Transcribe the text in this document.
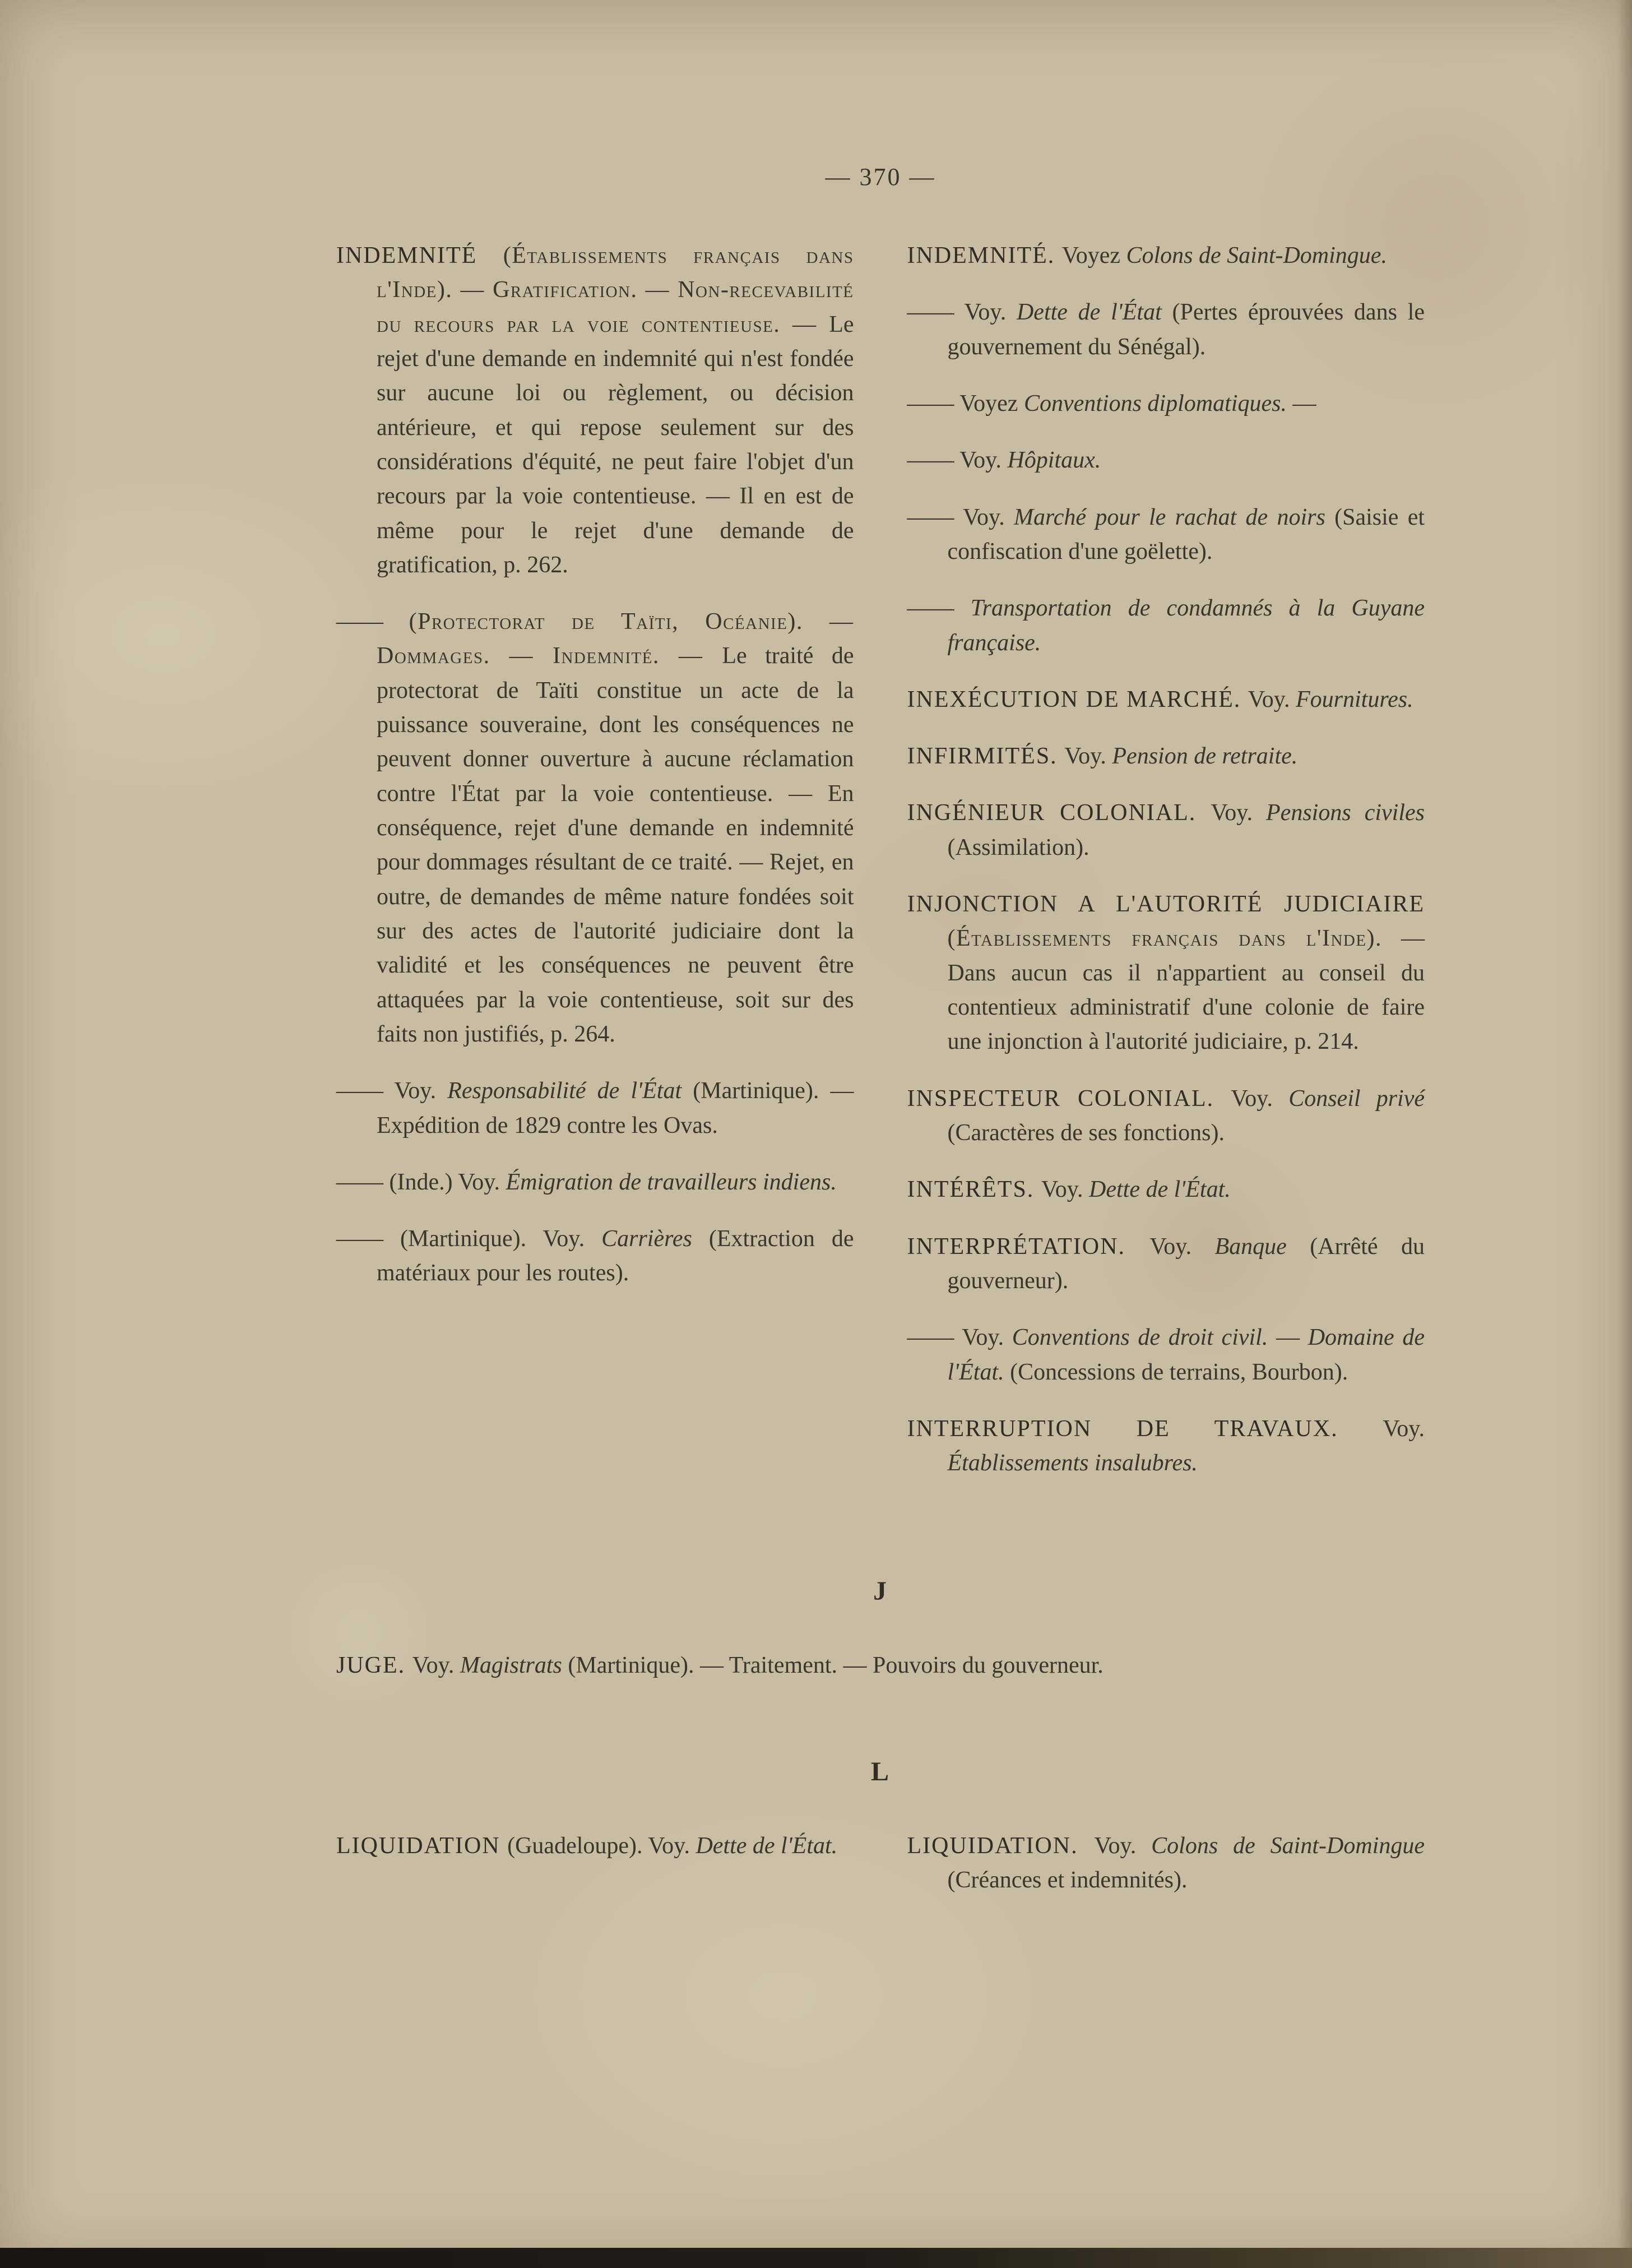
— 370 —

INDEMNITÉ (Établissements français dans l'Inde). — Gratification. — Non-recevabilité du recours par la voie contentieuse. — Le rejet d'une demande en indemnité qui n'est fondée sur aucune loi ou règlement, ou décision antérieure, et qui repose seulement sur des considérations d'équité, ne peut faire l'objet d'un recours par la voie contentieuse. — Il en est de même pour le rejet d'une demande de gratification, p. 262.

—— (Protectorat de Taïti, Océanie). — Dommages. — Indemnité. — Le traité de protectorat de Taïti constitue un acte de la puissance souveraine, dont les conséquences ne peuvent donner ouverture à aucune réclamation contre l'État par la voie contentieuse. — En conséquence, rejet d'une demande en indemnité pour dommages résultant de ce traité. — Rejet, en outre, de demandes de même nature fondées soit sur des actes de l'autorité judiciaire dont la validité et les conséquences ne peuvent être attaquées par la voie contentieuse, soit sur des faits non justifiés, p. 264.

—— Voy. Responsabilité de l'État (Martinique). — Expédition de 1829 contre les Ovas.

—— (Inde.) Voy. Émigration de travailleurs indiens.

—— (Martinique). Voy. Carrières (Extraction de matériaux pour les routes).

INDEMNITÉ. Voyez Colons de Saint-Domingue.

—— Voy. Dette de l'État (Pertes éprouvées dans le gouvernement du Sénégal).

—— Voyez Conventions diplomatiques. —

—— Voy. Hôpitaux.

—— Voy. Marché pour le rachat de noirs (Saisie et confiscation d'une goëlette).

—— Transportation de condamnés à la Guyane française.

INEXÉCUTION DE MARCHÉ. Voy. Fournitures.

INFIRMITÉS. Voy. Pension de retraite.

INGÉNIEUR COLONIAL. Voy. Pensions civiles (Assimilation).

INJONCTION A L'AUTORITÉ JUDICIAIRE (Établissements français dans l'Inde). — Dans aucun cas il n'appartient au conseil du contentieux administratif d'une colonie de faire une injonction à l'autorité judiciaire, p. 214.

INSPECTEUR COLONIAL. Voy. Conseil privé (Caractères de ses fonctions).

INTÉRÊTS. Voy. Dette de l'État.

INTERPRÉTATION. Voy. Banque (Arrêté du gouverneur).

—— Voy. Conventions de droit civil. — Domaine de l'État. (Concessions de terrains, Bourbon).

INTERRUPTION DE TRAVAUX. Voy. Établissements insalubres.

J

JUGE. Voy. Magistrats (Martinique). — Traitement. — Pouvoirs du gouverneur.

L

LIQUIDATION (Guadeloupe). Voy. Dette de l'État.	LIQUIDATION. Voy. Colons de Saint-Domingue (Créances et indemnités).
